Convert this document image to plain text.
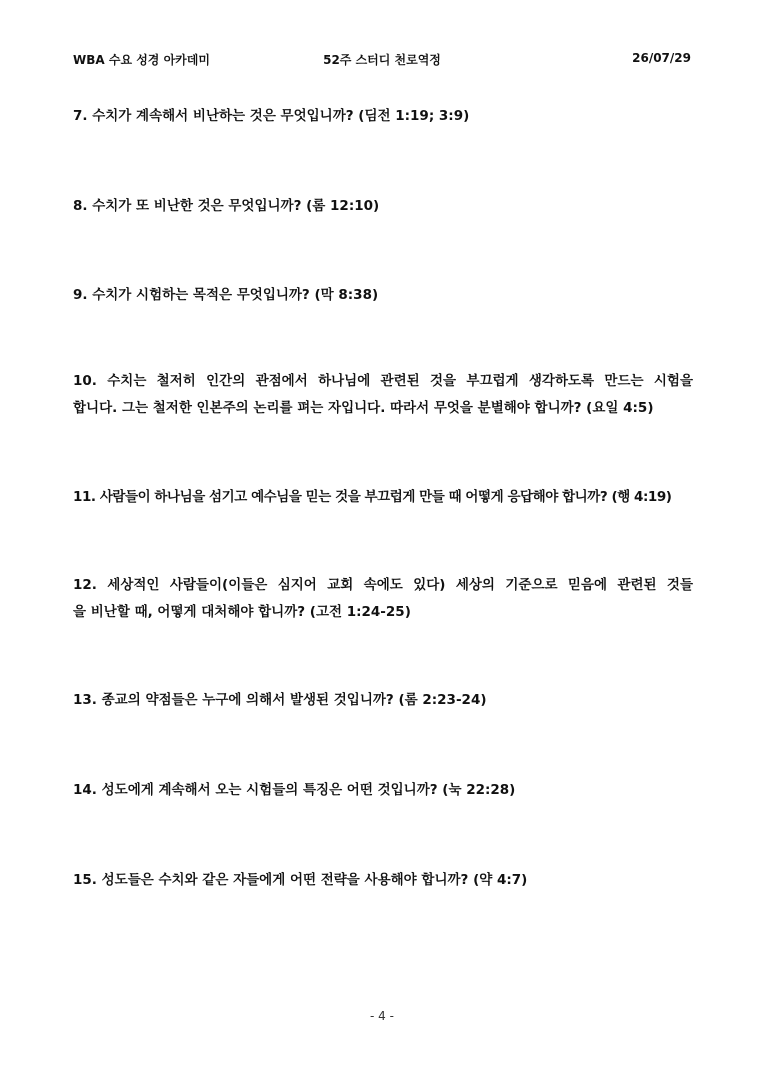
WBA 수요 성경 아카데미	52주 스터디 천로역정	26/07/29
7. 수치가 계속해서 비난하는 것은 무엇입니까? (딤전 1:19; 3:9)
8. 수치가 또 비난한 것은 무엇입니까? (롬 12:10)
9. 수치가 시험하는 목적은 무엇입니까? (막 8:38)
10. 수치는 철저히 인간의 관점에서 하나님에 관련된 것을 부끄럽게 생각하도록 만드는 시험을
합니다. 그는 철저한 인본주의 논리를 펴는 자입니다. 따라서 무엇을 분별해야 합니까? (요일 4:5)
11. 사람들이 하나님을 섬기고 예수님을 믿는 것을 부끄럽게 만들 때 어떻게 응답해야 합니까? (행 4:19)
12. 세상적인 사람들이(이들은 심지어 교회 속에도 있다) 세상의 기준으로 믿음에 관련된 것들
을 비난할 때, 어떻게 대처해야 합니까? (고전 1:24-25)
13. 종교의 약점들은 누구에 의해서 발생된 것입니까? (롬 2:23-24)
14. 성도에게 계속해서 오는 시험들의 특징은 어떤 것입니까? (눅 22:28)
15. 성도들은 수치와 같은 자들에게 어떤 전략을 사용해야 합니까? (약 4:7)
- 4 -
